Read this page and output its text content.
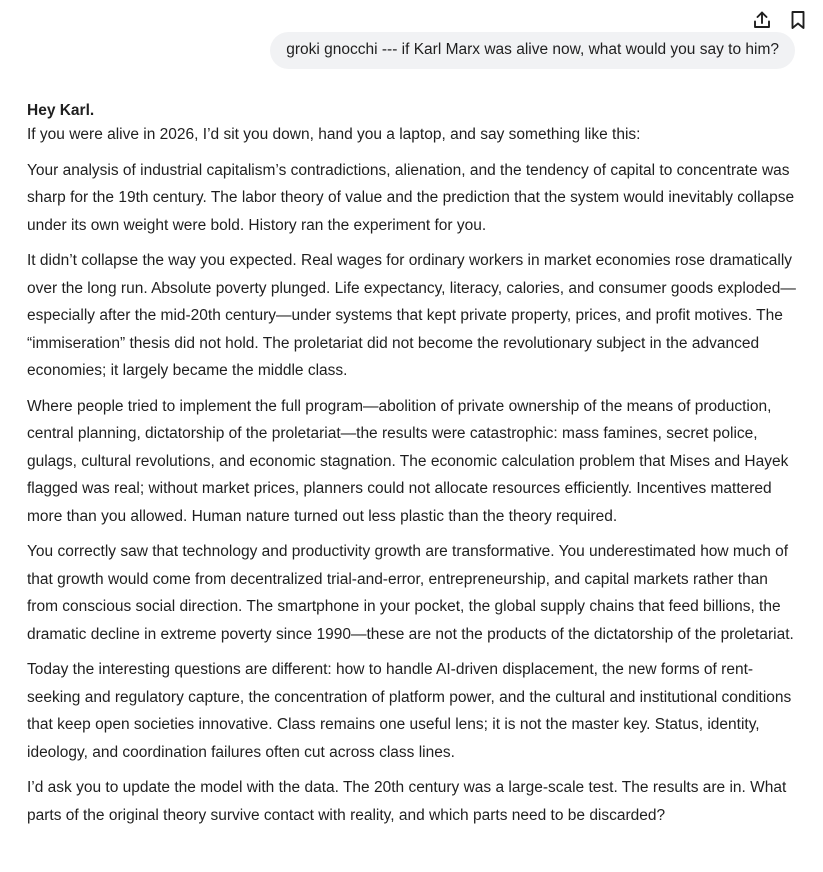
groki gnocchi --- if Karl Marx was alive now, what would you say to him?
Hey Karl.

If you were alive in 2026, I’d sit you down, hand you a laptop, and say something like this:

Your analysis of industrial capitalism’s contradictions, alienation, and the tendency of capital to concentrate was sharp for the 19th century. The labor theory of value and the prediction that the system would inevitably collapse under its own weight were bold. History ran the experiment for you.

It didn’t collapse the way you expected. Real wages for ordinary workers in market economies rose dramatically over the long run. Absolute poverty plunged. Life expectancy, literacy, calories, and consumer goods exploded—especially after the mid-20th century—under systems that kept private property, prices, and profit motives. The “immiseration” thesis did not hold. The proletariat did not become the revolutionary subject in the advanced economies; it largely became the middle class.

Where people tried to implement the full program—abolition of private ownership of the means of production, central planning, dictatorship of the proletariat—the results were catastrophic: mass famines, secret police, gulags, cultural revolutions, and economic stagnation. The economic calculation problem that Mises and Hayek flagged was real; without market prices, planners could not allocate resources efficiently. Incentives mattered more than you allowed. Human nature turned out less plastic than the theory required.

You correctly saw that technology and productivity growth are transformative. You underestimated how much of that growth would come from decentralized trial-and-error, entrepreneurship, and capital markets rather than from conscious social direction. The smartphone in your pocket, the global supply chains that feed billions, the dramatic decline in extreme poverty since 1990—these are not the products of the dictatorship of the proletariat.

Today the interesting questions are different: how to handle AI-driven displacement, the new forms of rent-seeking and regulatory capture, the concentration of platform power, and the cultural and institutional conditions that keep open societies innovative. Class remains one useful lens; it is not the master key. Status, identity, ideology, and coordination failures often cut across class lines.

I’d ask you to update the model with the data. The 20th century was a large-scale test. The results are in. What parts of the original theory survive contact with reality, and which parts need to be discarded?
